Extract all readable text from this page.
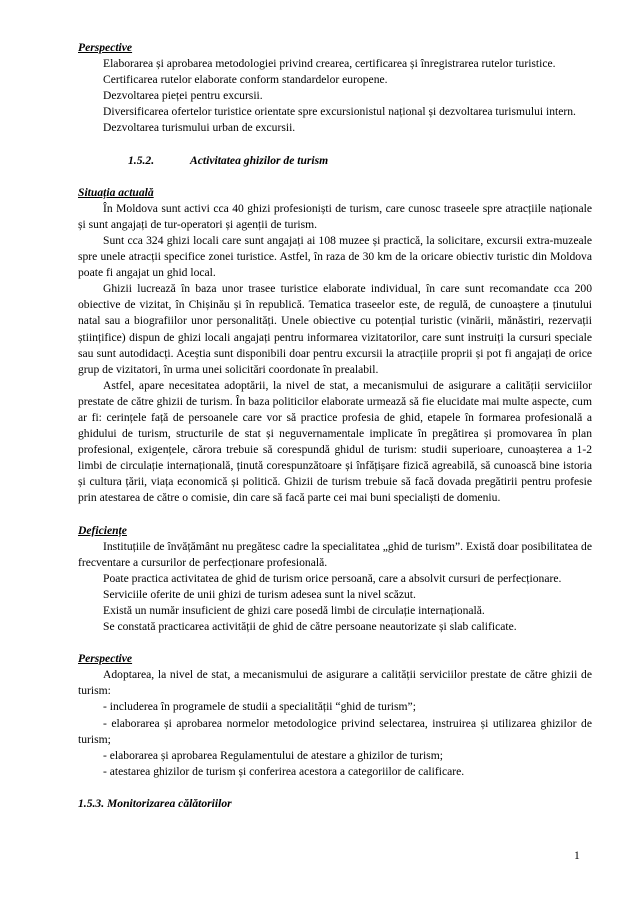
Perspective

Elaborarea și aprobarea metodologiei privind crearea, certificarea și înregistrarea rutelor turistice.

Certificarea rutelor elaborate conform standardelor europene.

Dezvoltarea pieței pentru excursii.

Diversificarea ofertelor turistice orientate spre excursionistul național și dezvoltarea turismului intern.

Dezvoltarea turismului urban de excursii.

1.5.2.	Activitatea ghizilor de turism

Situația actuală

În Moldova sunt activi cca 40 ghizi profesioniști de turism, care cunosc traseele spre atracțiile naționale și sunt angajați de tur-operatori și agenții de turism.

Sunt cca 324 ghizi locali care sunt angajați ai 108 muzee și practică, la solicitare, excursii extra-muzeale spre unele atracții specifice zonei turistice. Astfel, în raza de 30 km de la oricare obiectiv turistic din Moldova poate fi angajat un ghid local.

Ghizii lucrează în baza unor trasee turistice elaborate individual, în care sunt recomandate cca 200 obiective de vizitat, în Chișinău și în republică. Tematica traseelor este, de regulă, de cunoaștere a ținutului natal sau a biografiilor unor personalități. Unele obiective cu potențial turistic (vinării, mănăstiri, rezervații științifice) dispun de ghizi locali angajați pentru informarea vizitatorilor, care sunt instruiți la cursuri speciale sau sunt autodidacți. Aceștia sunt disponibili doar pentru excursii la atracțiile proprii și pot fi angajați de orice grup de vizitatori, în urma unei solicitări coordonate în prealabil.

Astfel, apare necesitatea adoptării, la nivel de stat, a mecanismului de asigurare a calității serviciilor prestate de către ghizii de turism. În baza politicilor elaborate urmează să fie elucidate mai multe aspecte, cum ar fi: cerințele față de persoanele care vor să practice profesia de ghid, etapele în formarea profesională a ghidului de turism, structurile de stat și neguvernamentale implicate în pregătirea și promovarea în plan profesional, exigențele, cărora trebuie să corespundă ghidul de turism: studii superioare, cunoașterea a 1-2 limbi de circulație internațională, ținută corespunzătoare și înfățișare fizică agreabilă, să cunoască bine istoria și cultura țării, viața economică și politică. Ghizii de turism trebuie să facă dovada pregătirii pentru profesie prin atestarea de către o comisie, din care să facă parte cei mai buni specialiști de domeniu.

Deficiențe

Instituțiile de învățământ nu pregătesc cadre la specialitatea „ghid de turism”. Există doar posibilitatea de frecventare a cursurilor de perfecționare profesională.

Poate practica activitatea de ghid de turism orice persoană, care a absolvit cursuri de perfecționare.

Serviciile oferite de unii ghizi de turism adesea sunt la nivel scăzut.

Există un număr insuficient de ghizi care posedă limbi de circulație internațională.

Se constată practicarea activității de ghid de către persoane neautorizate și slab calificate.

Perspective

Adoptarea, la nivel de stat, a mecanismului de asigurare a calității serviciilor prestate de către ghizii de turism:

- includerea în programele de studii a specialității “ghid de turism”;

- elaborarea și aprobarea normelor metodologice privind selectarea, instruirea și utilizarea ghizilor de turism;

- elaborarea și aprobarea Regulamentului de atestare a ghizilor de turism;

- atestarea ghizilor de turism și conferirea acestora a categoriilor de calificare.

1.5.3. Monitorizarea călătoriilor

1
